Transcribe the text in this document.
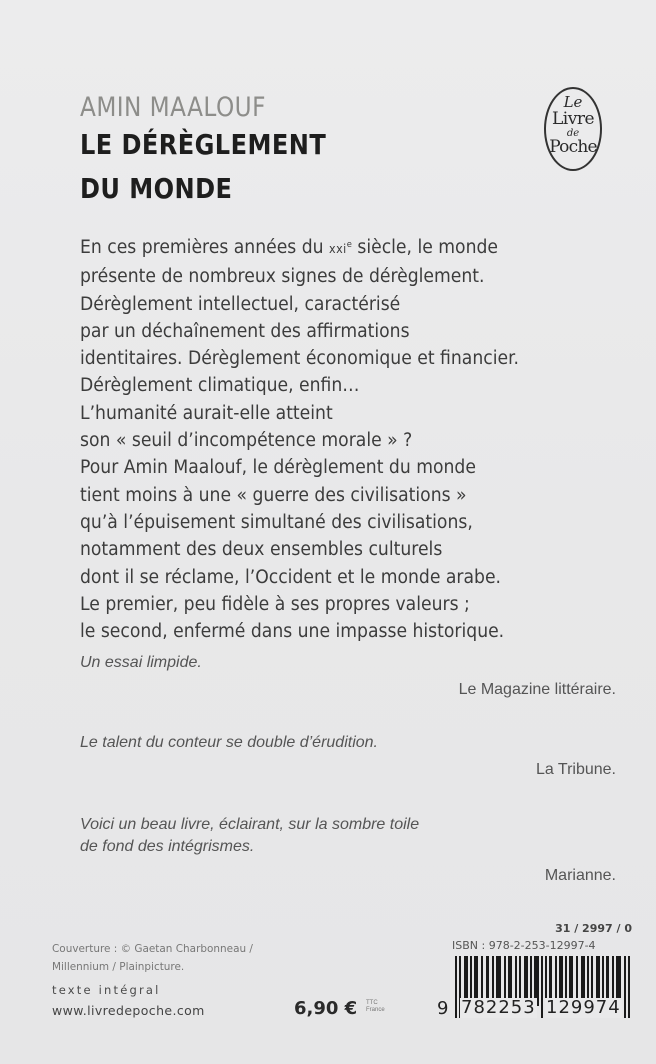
AMIN MAALOUF
LE DÉRÈGLEMENT
DU MONDE
Le
Livre
de
Poche
En ces premières années du xxi$^e$ siècle, le monde
présente de nombreux signes de dérèglement.
Dérèglement intellectuel, caractérisé
par un déchaînement des affirmations
identitaires. Dérèglement économique et financier.
Dérèglement climatique, enfin…
L’humanité aurait-elle atteint
son « seuil d’incompétence morale » ?
Pour Amin Maalouf, le dérèglement du monde
tient moins à une « guerre des civilisations »
qu’à l’épuisement simultané des civilisations,
notamment des deux ensembles culturels
dont il se réclame, l’Occident et le monde arabe.
Le premier, peu fidèle à ses propres valeurs ;
le second, enfermé dans une impasse historique.
Un essai limpide.
Le Magazine littéraire.
Le talent du conteur se double d’érudition.
La Tribune.
Voici un beau livre, éclairant, sur la sombre toile
de fond des intégrismes.
Marianne.
Couverture : © Gaetan Charbonneau /
Millennium / Plainpicture.
texte intégral
www.livredepoche.com	6,90 € TTC
France
31 / 2997 / 0
ISBN : 978-2-253-12997-4
9 782253 129974
